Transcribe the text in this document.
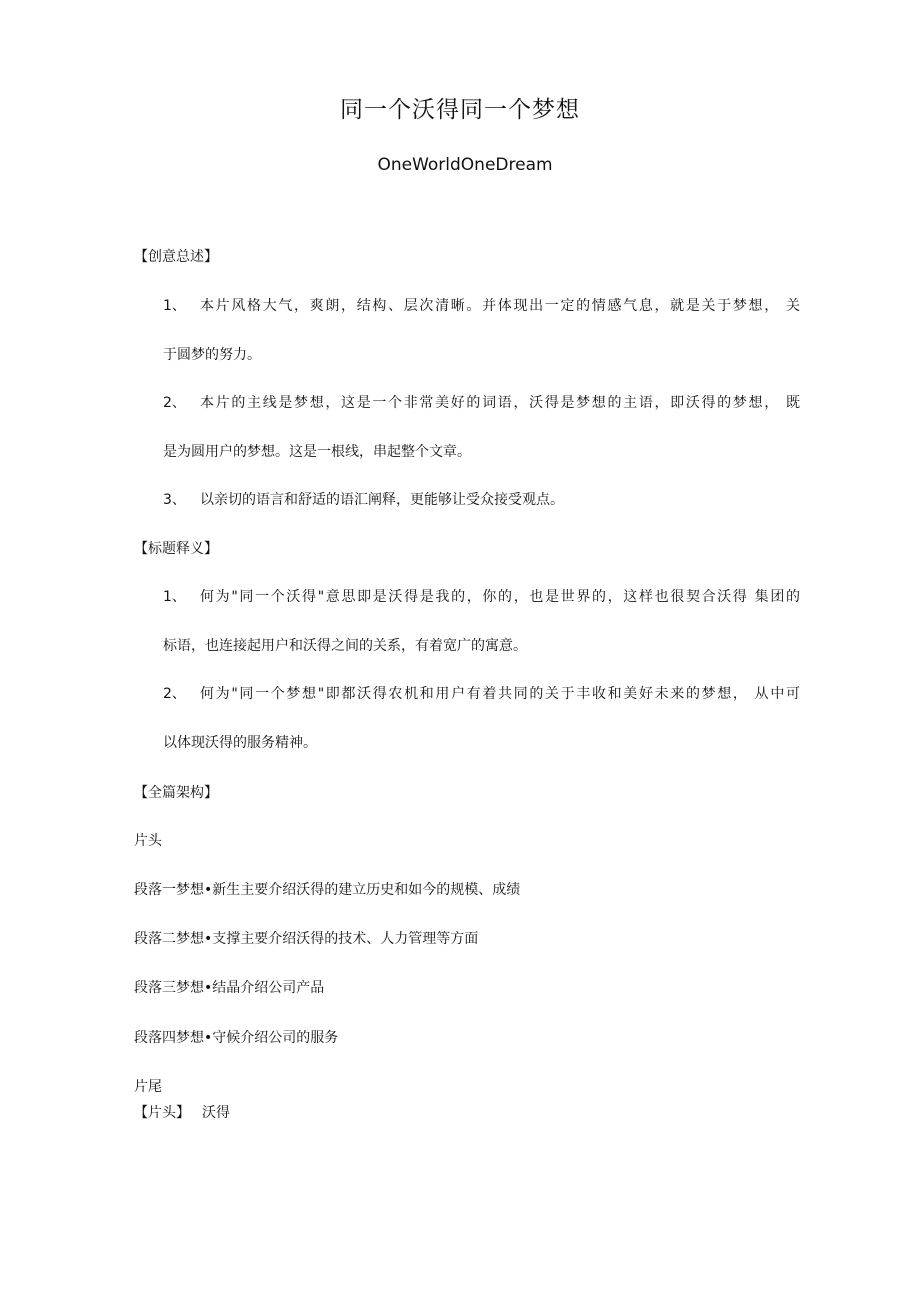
同一个沃得同一个梦想
OneWorldOneDream
【创意总述】
1、 本片风格大气，爽朗，结构、层次清晰。并体现出一定的情感气息，就是关于梦想， 关
于圆梦的努力。
2、 本片的主线是梦想，这是一个非常美好的词语，沃得是梦想的主语，即沃得的梦想， 既
是为圆用户的梦想。这是一根线，串起整个文章。
3、 以亲切的语言和舒适的语汇阐释，更能够让受众接受观点。
【标题释义】
1、 何为"同一个沃得"意思即是沃得是我的，你的，也是世界的，这样也很契合沃得 集团的
标语，也连接起用户和沃得之间的关系，有着宽广的寓意。
2、 何为"同一个梦想"即都沃得农机和用户有着共同的关于丰收和美好未来的梦想， 从中可
以体现沃得的服务精神。
【全篇架构】
片头
段落一梦想•新生主要介绍沃得的建立历史和如今的规模、成绩
段落二梦想•支撑主要介绍沃得的技术、人力管理等方面
段落三梦想•结晶介绍公司产品
段落四梦想•守候介绍公司的服务
片尾
【片头】 沃得
